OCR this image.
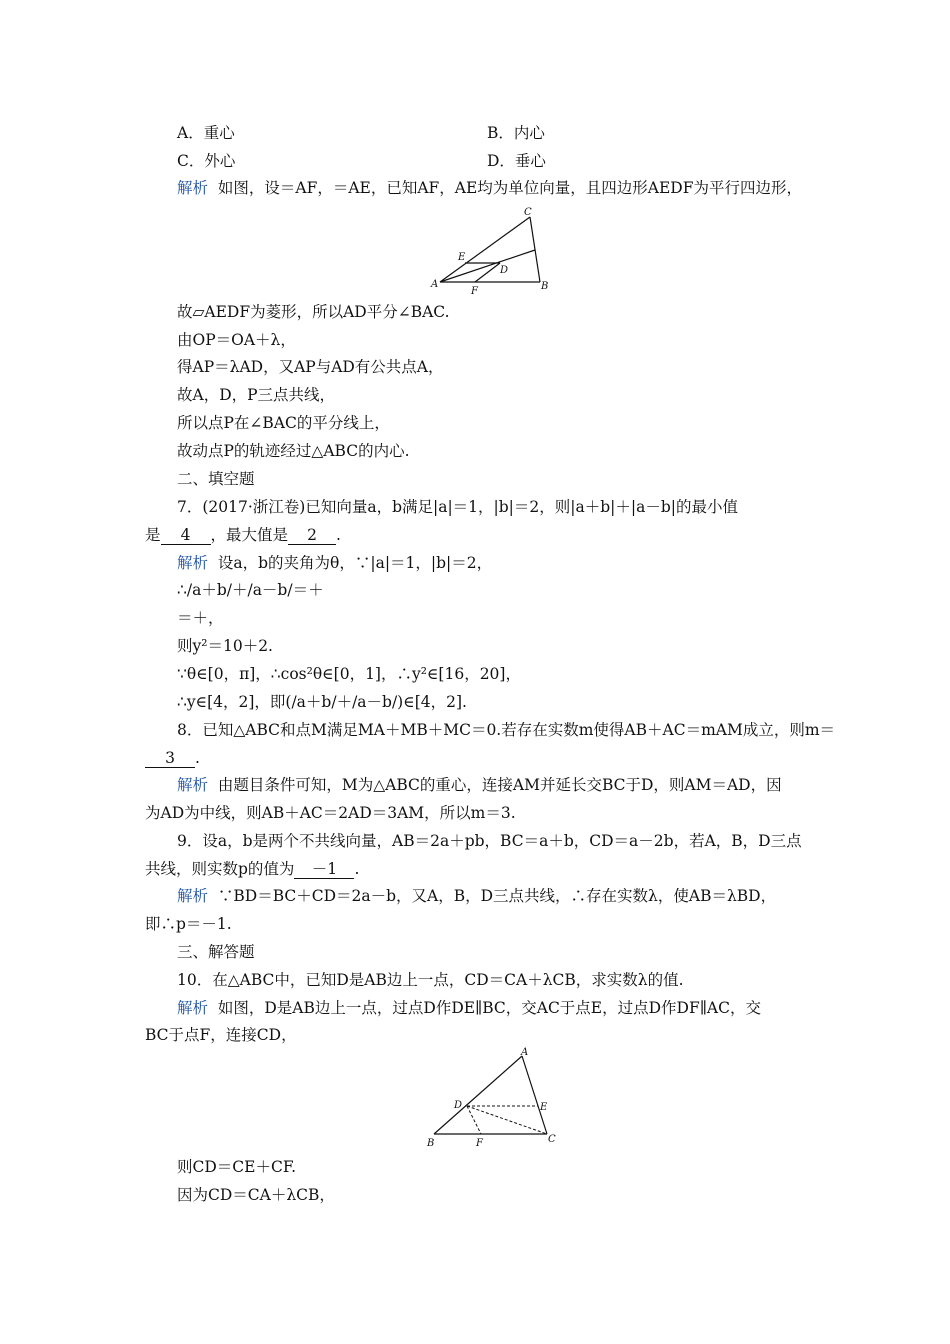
A．重心	B．内心
C．外心	D．垂心
解析 如图，设＝AF，＝AE，已知AF，AE均为单位向量，且四边形AEDF为平行四边形，
C
E
D
A
F	B
故▱AEDF为菱形，所以AD平分∠BAC.
由OP＝OA＋λ，
得AP＝λAD，又AP与AD有公共点A，
故A，D，P三点共线，
所以点P在∠BAC的平分线上，
故动点P的轨迹经过△ABC的内心.
二、填空题
7．(2017·浙江卷)已知向量a，b满足|a|＝1，|b|＝2，则|a＋b|＋|a－b|的最小值
是 4 ，最大值是 2 .
解析 设a，b的夹角为θ，∵|a|＝1，|b|＝2，
∴/a＋b/＋/a－b/＝＋
＝＋，
则y²＝10＋2.
∵θ∈[0，π]，∴cos²θ∈[0，1]，∴y²∈[16，20]，
∴y∈[4，2]，即(/a＋b/＋/a－b/)∈[4，2].
8．已知△ABC和点M满足MA＋MB＋MC＝0.若存在实数m使得AB＋AC＝mAM成立，则m＝
3 .
解析 由题目条件可知，M为△ABC的重心，连接AM并延长交BC于D，则AM＝AD，因
为AD为中线，则AB＋AC＝2AD＝3AM，所以m＝3.
9．设a，b是两个不共线向量，AB＝2a＋pb，BC＝a＋b，CD＝a－2b，若A，B，D三点
共线，则实数p的值为 －1 .
解析 ∵BD＝BC＋CD＝2a－b，又A，B，D三点共线，∴存在实数λ，使AB＝λBD，
即∴p＝－1.
三、解答题
10．在△ABC中，已知D是AB边上一点，CD＝CA＋λCB，求实数λ的值.
解析 如图，D是AB边上一点，过点D作DE∥BC，交AC于点E，过点D作DF∥AC，交
BC于点F，连接CD，
A
D	E
B	F	C
则CD＝CE＋CF.
因为CD＝CA＋λCB，
